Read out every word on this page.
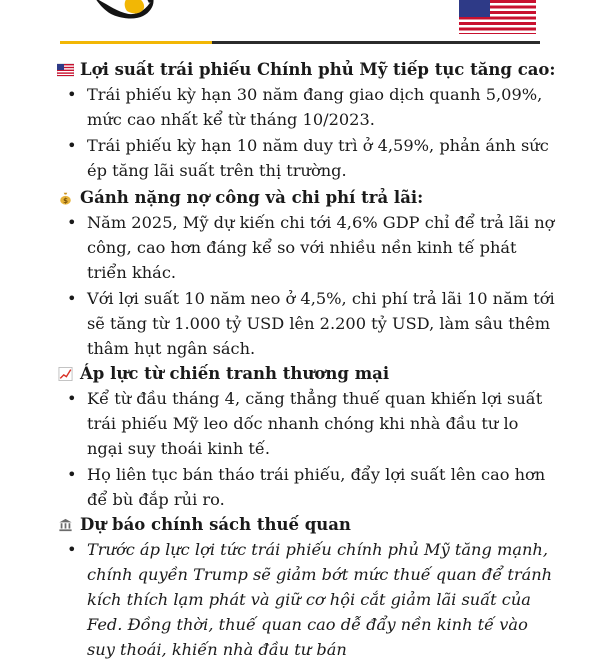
Lợi suất trái phiếu Chính phủ Mỹ tiếp tục tăng cao:
• Trái phiếu kỳ hạn 30 năm đang giao dịch quanh 5,09%, mức cao nhất kể từ tháng 10/2023.
• Trái phiếu kỳ hạn 10 năm duy trì ở 4,59%, phản ánh sức ép tăng lãi suất trên thị trường.
$ Gánh nặng nợ công và chi phí trả lãi:
• Năm 2025, Mỹ dự kiến chi tới 4,6% GDP chỉ để trả lãi nợ công, cao hơn đáng kể so với nhiều nền kinh tế phát triển khác.
• Với lợi suất 10 năm neo ở 4,5%, chi phí trả lãi 10 năm tới sẽ tăng từ 1.000 tỷ USD lên 2.200 tỷ USD, làm sâu thêm thâm hụt ngân sách.
Áp lực từ chiến tranh thương mại
• Kể từ đầu tháng 4, căng thẳng thuế quan khiến lợi suất trái phiếu Mỹ leo dốc nhanh chóng khi nhà đầu tư lo ngại suy thoái kinh tế.
• Họ liên tục bán tháo trái phiếu, đẩy lợi suất lên cao hơn để bù đắp rủi ro.
Dự báo chính sách thuế quan
• Trước áp lực lợi tức trái phiếu chính phủ Mỹ tăng mạnh, chính quyền Trump sẽ giảm bớt mức thuế quan để tránh kích thích lạm phát và giữ cơ hội cắt giảm lãi suất của Fed. Đồng thời, thuế quan cao dễ đẩy nền kinh tế vào suy thoái, khiến nhà đầu tư bán
